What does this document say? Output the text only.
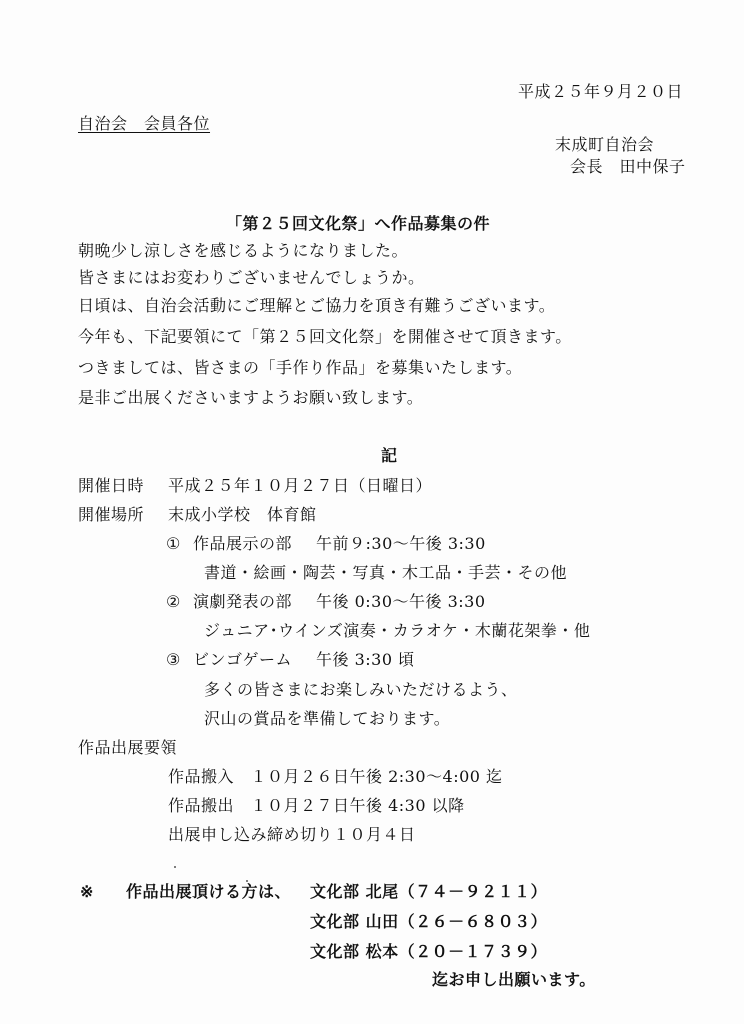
平成２５年９月２０日
自治会　会員各位
末成町自治会
会長　田中保子
「第２５回文化祭」へ作品募集の件
朝晩少し涼しさを感じるようになりました。
皆さまにはお変わりございませんでしょうか。
日頃は、自治会活動にご理解とご協力を頂き有難うございます。
今年も、下記要領にて「第２５回文化祭」を開催させて頂きます。
つきましては、皆さまの「手作り作品」を募集いたします。
是非ご出展くださいますようお願い致します。
記
開催日時 平成２５年１０月２７日（日曜日）
開催場所 末成小学校　体育館
① 作品展示の部 午前９:30～午後 3:30
書道・絵画・陶芸・写真・木工品・手芸・その他
② 演劇発表の部 午後 0:30～午後 3:30
ジュニア･ウインズ演奏・カラオケ・木蘭花架拳・他
③ ビンゴゲーム 午後 3:30 頃
多くの皆さまにお楽しみいただけるよう、
沢山の賞品を準備しております。
作品出展要領
作品搬入　１０月２６日午後 2:30～4:00 迄
作品搬出　１０月２７日午後 4:30 以降
出展申し込み締め切り１０月４日
※ 作品出展頂ける方は、 文化部 北尾（７４－９２１１）
文化部 山田（２６－６８０３）
文化部 松本（２０－１７３９）
迄お申し出願います。
